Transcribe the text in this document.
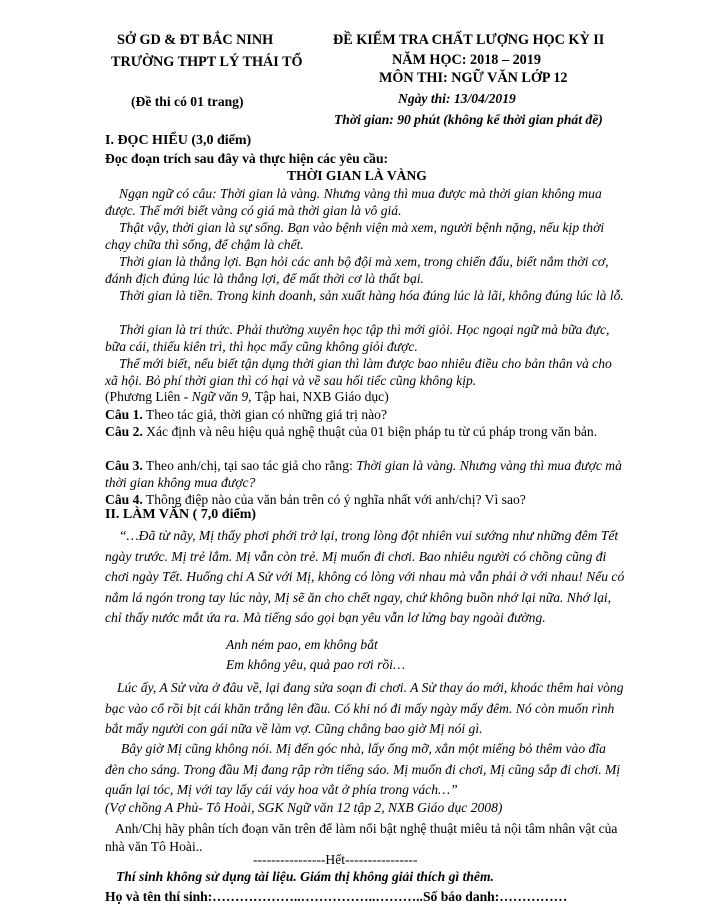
SỞ GD & ĐT BẮC NINH
TRƯỜNG THPT LÝ THÁI TỔ
(Đề thi có 01 trang)
ĐỀ KIỂM TRA CHẤT LƯỢNG HỌC KỲ II
NĂM HỌC: 2018 – 2019
MÔN THI: NGỮ VĂN LỚP 12
Ngày thi: 13/04/2019
Thời gian: 90 phút (không kể thời gian phát đề)
I. ĐỌC HIỂU (3,0 điểm)
Đọc đoạn trích sau đây và thực hiện các yêu cầu:
THỜI GIAN LÀ VÀNG
Ngạn ngữ có câu: Thời gian là vàng. Nhưng vàng thì mua được mà thời gian không mua được. Thế mới biết vàng có giá mà thời gian là vô giá.
Thật vậy, thời gian là sự sống. Bạn vào bệnh viện mà xem, người bệnh nặng, nếu kịp thời chạy chữa thì sống, để chậm là chết.
Thời gian là thắng lợi. Bạn hỏi các anh bộ đội mà xem, trong chiến đấu, biết nắm thời cơ, đánh địch đúng lúc là thắng lợi, để mất thời cơ là thất bại.
Thời gian là tiền. Trong kinh doanh, sản xuất hàng hóa đúng lúc là lãi, không đúng lúc là lỗ.
Thời gian là tri thức. Phải thường xuyên học tập thì mới giỏi. Học ngoại ngữ mà bữa đực, bữa cái, thiếu kiên trì, thì học mấy cũng không giỏi được.
Thế mới biết, nếu biết tận dụng thời gian thì làm được bao nhiêu điều cho bản thân và cho xã hội. Bỏ phí thời gian thì có hại và về sau hối tiếc cũng không kịp.
(Phương Liên - Ngữ văn 9, Tập hai, NXB Giáo dục)
Câu 1. Theo tác giả, thời gian có những giá trị nào?
Câu 2. Xác định và nêu hiệu quả nghệ thuật của 01 biện pháp tu từ cú pháp trong văn bản.
Câu 3. Theo anh/chị, tại sao tác giả cho rằng: Thời gian là vàng. Nhưng vàng thì mua được mà thời gian không mua được?
Câu 4. Thông điệp nào của văn bản trên có ý nghĩa nhất với anh/chị? Vì sao?
II. LÀM VĂN ( 7,0 điểm)
“…Đã từ nãy, Mị thấy phơi phới trở lại, trong lòng đột nhiên vui sướng như những đêm Tết ngày trước. Mị trẻ lắm. Mị vẫn còn trẻ. Mị muốn đi chơi. Bao nhiêu người có chồng cũng đi chơi ngày Tết. Huống chi A Sử với Mị, không có lòng với nhau mà vẫn phải ở với nhau! Nếu có nắm lá ngón trong tay lúc này, Mị sẽ ăn cho chết ngay, chứ không buồn nhớ lại nữa. Nhớ lại, chỉ thấy nước mắt ứa ra. Mà tiếng sáo gọi bạn yêu vẫn lơ lửng bay ngoài đường.
Anh ném pao, em không bắt
Em không yêu, quả pao rơi rồi…
Lúc ấy, A Sử vừa ở đâu về, lại đang sửa soạn đi chơi. A Sử thay áo mới, khoác thêm hai vòng bạc vào cổ rồi bịt cái khăn trắng lên đầu. Có khi nó đi mấy ngày mấy đêm. Nó còn muốn rình bắt mấy người con gái nữa về làm vợ. Cũng chẳng bao giờ Mị nói gì.
Bây giờ Mị cũng không nói. Mị đến góc nhà, lấy ống mỡ, xắn một miếng bỏ thêm vào đĩa đèn cho sáng. Trong đầu Mị đang rập rờn tiếng sáo. Mị muốn đi chơi, Mị cũng sắp đi chơi. Mị quấn lại tóc, Mị với tay lấy cái váy hoa vắt ở phía trong vách…”
(Vợ chồng A Phủ- Tô Hoài, SGK Ngữ văn 12 tập 2, NXB Giáo dục 2008)
Anh/Chị hãy phân tích đoạn văn trên để làm nổi bật nghệ thuật miêu tả nội tâm nhân vật của nhà văn Tô Hoài..
----------------Hết----------------
Thí sinh không sử dụng tài liệu. Giám thị không giải thích gì thêm.
Họ và tên thí sinh:………………..……………..………..Số báo danh:……………
